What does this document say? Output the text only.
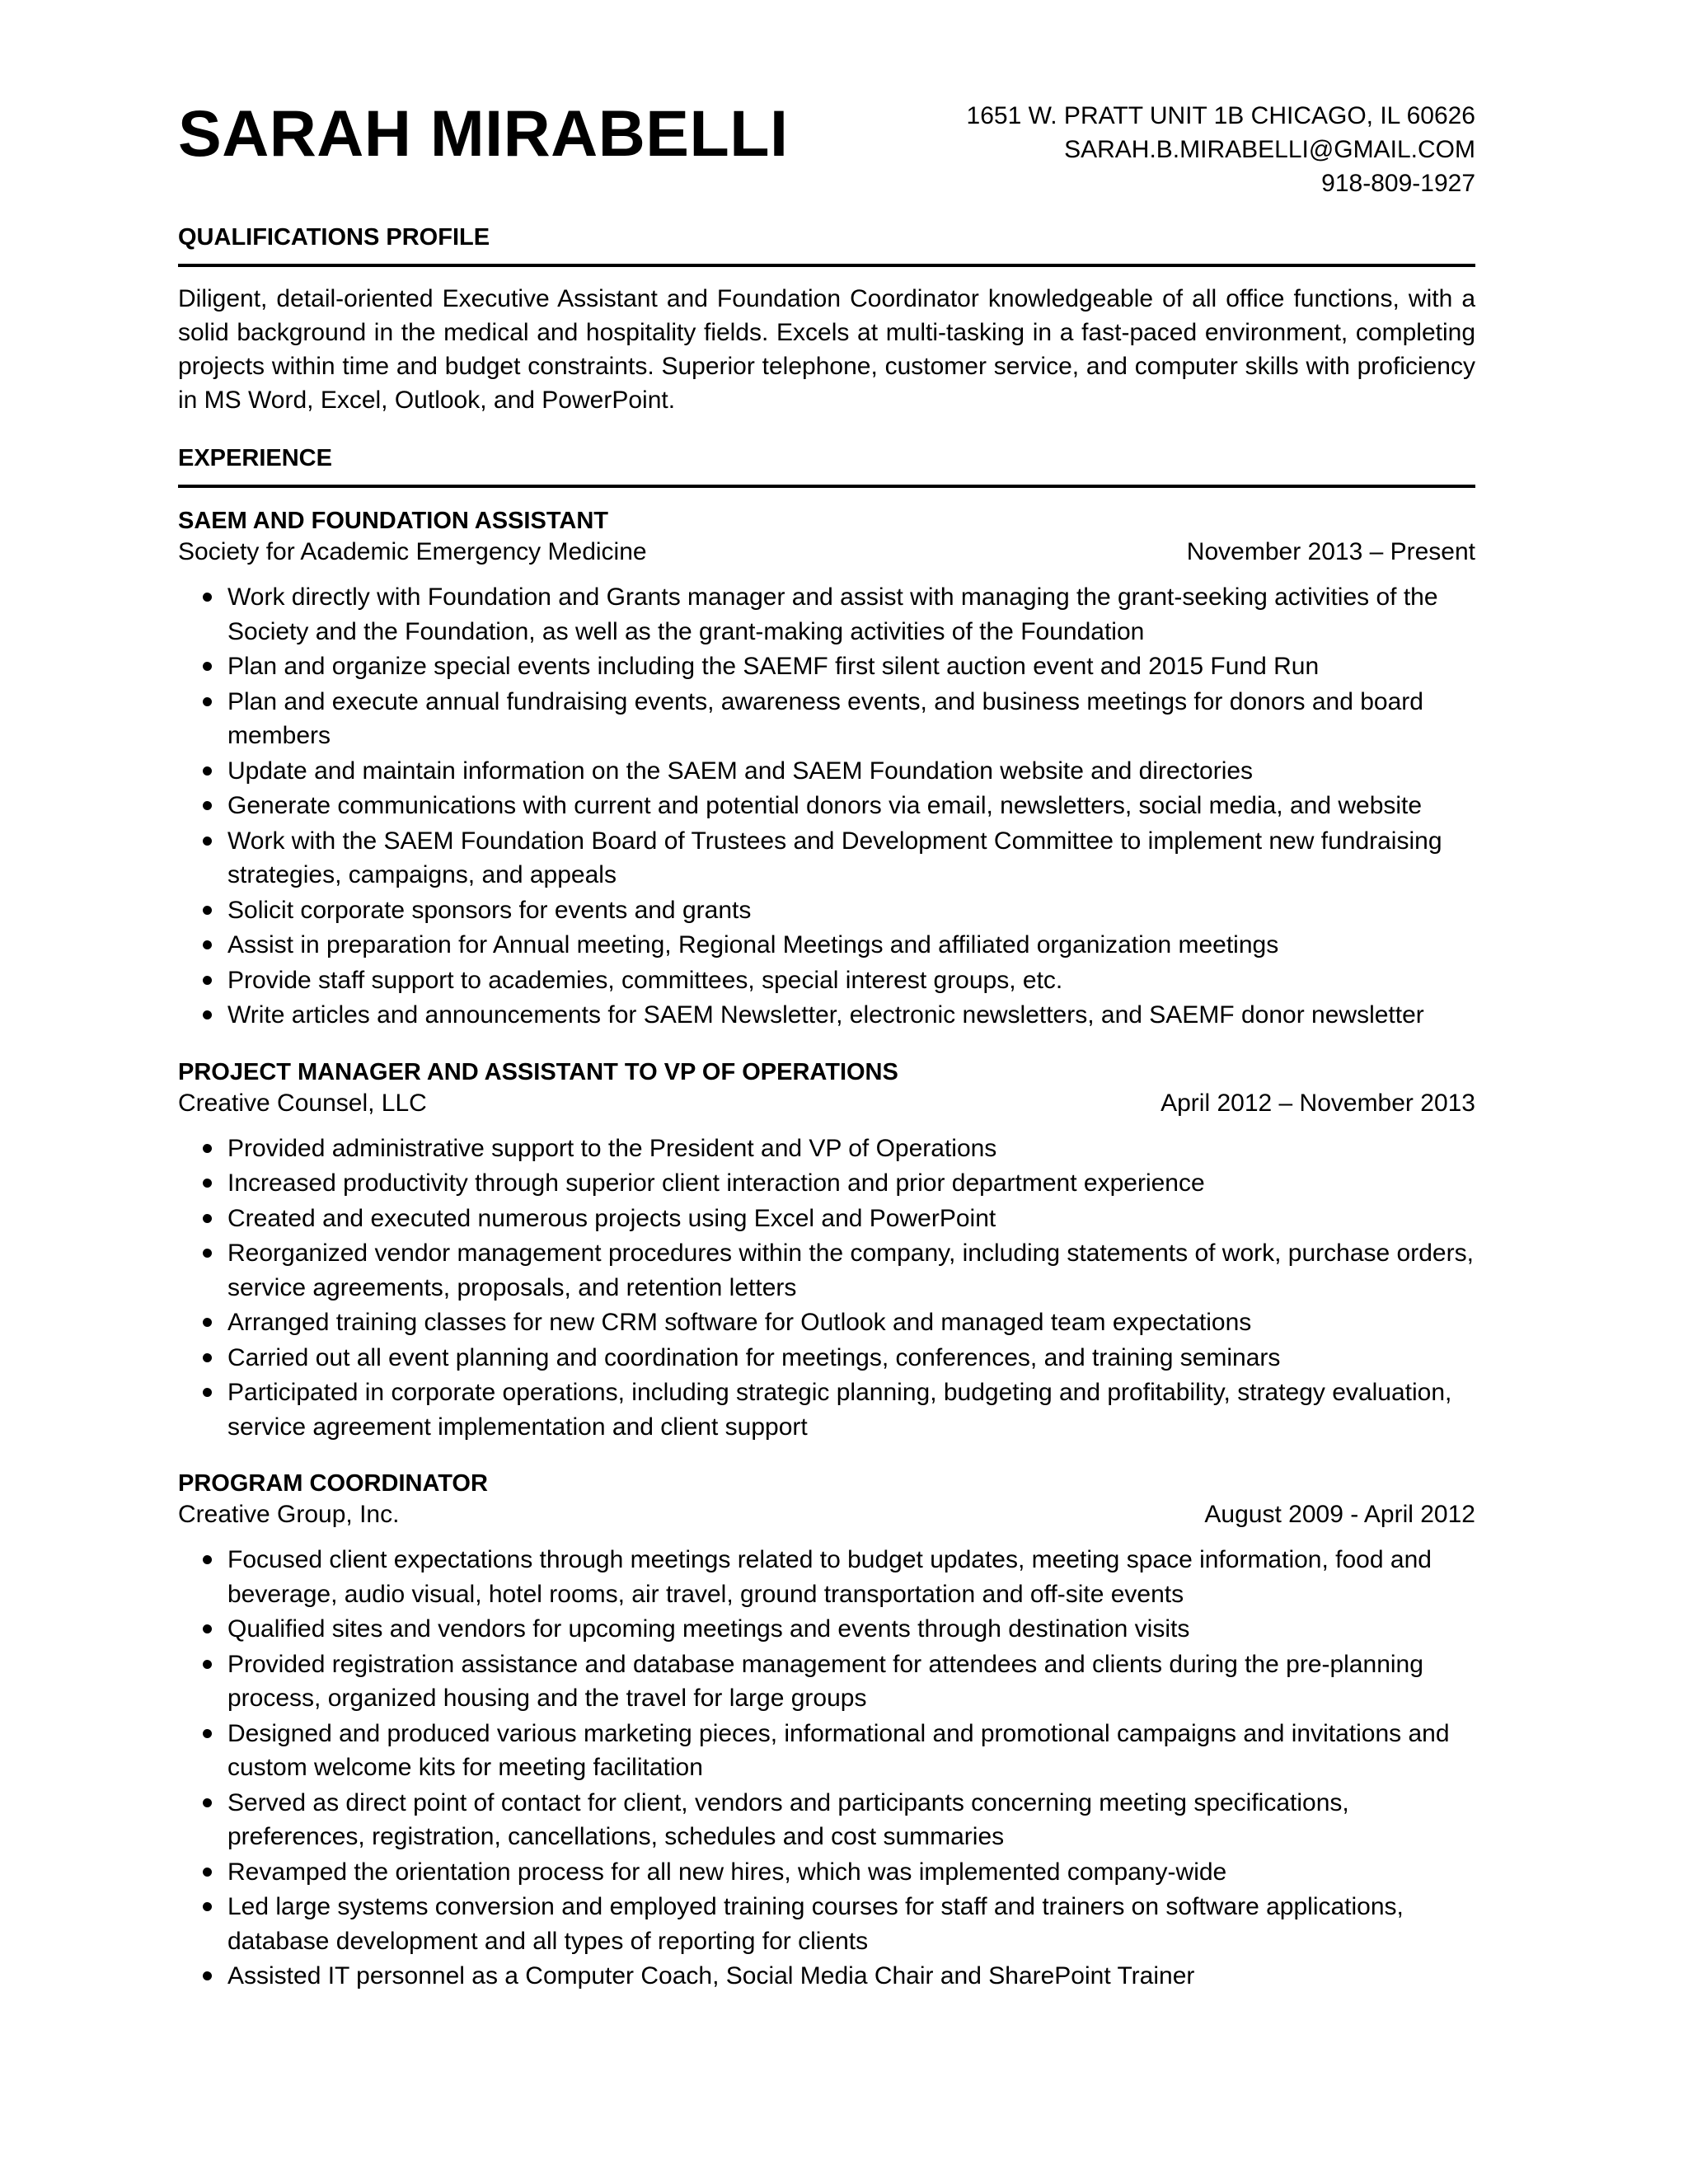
SARAH MIRABELLI	1651 W. PRATT UNIT 1B CHICAGO, IL 60626
SARAH.B.MIRABELLI@GMAIL.COM
918-809-1927
QUALIFICATIONS PROFILE

Diligent, detail-oriented Executive Assistant and Foundation Coordinator knowledgeable of all office functions, with a solid background in the medical and hospitality fields. Excels at multi-tasking in a fast-paced environment, completing projects within time and budget constraints. Superior telephone, customer service, and computer skills with proficiency in MS Word, Excel, Outlook, and PowerPoint.

EXPERIENCE
SAEM AND FOUNDATION ASSISTANT
Society for Academic Emergency Medicine	November 2013 – Present
Work directly with Foundation and Grants manager and assist with managing the grant-seeking activities of the Society and the Foundation, as well as the grant-making activities of the Foundation
Plan and organize special events including the SAEMF first silent auction event and 2015 Fund Run
Plan and execute annual fundraising events, awareness events, and business meetings for donors and board members
Update and maintain information on the SAEM and SAEM Foundation website and directories
Generate communications with current and potential donors via email, newsletters, social media, and website
Work with the SAEM Foundation Board of Trustees and Development Committee to implement new fundraising strategies, campaigns, and appeals
Solicit corporate sponsors for events and grants
Assist in preparation for Annual meeting, Regional Meetings and affiliated organization meetings
Provide staff support to academies, committees, special interest groups, etc.
Write articles and announcements for SAEM Newsletter, electronic newsletters, and SAEMF donor newsletter
PROJECT MANAGER AND ASSISTANT TO VP OF OPERATIONS
Creative Counsel, LLC	April 2012 – November 2013
Provided administrative support to the President and VP of Operations
Increased productivity through superior client interaction and prior department experience
Created and executed numerous projects using Excel and PowerPoint
Reorganized vendor management procedures within the company, including statements of work, purchase orders, service agreements, proposals, and retention letters
Arranged training classes for new CRM software for Outlook and managed team expectations
Carried out all event planning and coordination for meetings, conferences, and training seminars
Participated in corporate operations, including strategic planning, budgeting and profitability, strategy evaluation, service agreement implementation and client support
PROGRAM COORDINATOR
Creative Group, Inc.	August 2009 - April 2012
Focused client expectations through meetings related to budget updates, meeting space information, food and beverage, audio visual, hotel rooms, air travel, ground transportation and off-site events
Qualified sites and vendors for upcoming meetings and events through destination visits
Provided registration assistance and database management for attendees and clients during the pre-planning process, organized housing and the travel for large groups
Designed and produced various marketing pieces, informational and promotional campaigns and invitations and custom welcome kits for meeting facilitation
Served as direct point of contact for client, vendors and participants concerning meeting specifications, preferences, registration, cancellations, schedules and cost summaries
Revamped the orientation process for all new hires, which was implemented company-wide
Led large systems conversion and employed training courses for staff and trainers on software applications, database development and all types of reporting for clients
Assisted IT personnel as a Computer Coach, Social Media Chair and SharePoint Trainer
